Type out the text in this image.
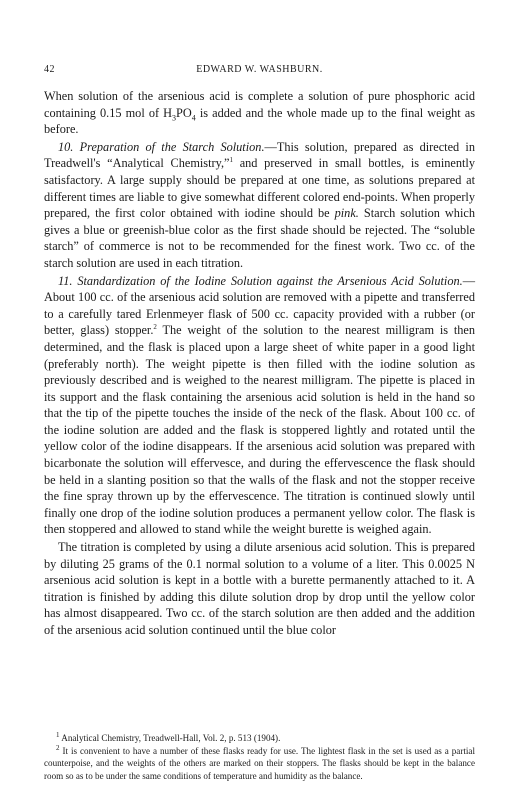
42	EDWARD W. WASHBURN.

When solution of the arsenious acid is complete a solution of pure phosphoric acid containing 0.15 mol of $H_3PO_4$ is added and the whole made up to the final weight as before.

10. Preparation of the Starch Solution.—This solution, prepared as directed in Treadwell's “Analytical Chemistry,”$^1$ and preserved in small bottles, is eminently satisfactory. A large supply should be prepared at one time, as solutions prepared at different times are liable to give somewhat different colored end-points. When properly prepared, the first color obtained with iodine should be pink. Starch solution which gives a blue or greenish-blue color as the first shade should be rejected. The “soluble starch” of commerce is not to be recommended for the finest work. Two cc. of the starch solution are used in each titration.

11. Standardization of the Iodine Solution against the Arsenious Acid Solution.—About 100 cc. of the arsenious acid solution are removed with a pipette and transferred to a carefully tared Erlenmeyer flask of 500 cc. capacity provided with a rubber (or better, glass) stopper.$^2$ The weight of the solution to the nearest milligram is then determined, and the flask is placed upon a large sheet of white paper in a good light (preferably north). The weight pipette is then filled with the iodine solution as previously described and is weighed to the nearest milligram. The pipette is placed in its support and the flask containing the arsenious acid solution is held in the hand so that the tip of the pipette touches the inside of the neck of the flask. About 100 cc. of the iodine solution are added and the flask is stoppered lightly and rotated until the yellow color of the iodine disappears. If the arsenious acid solution was prepared with bicarbonate the solution will effervesce, and during the effervescence the flask should be held in a slanting position so that the walls of the flask and not the stopper receive the fine spray thrown up by the effervescence. The titration is continued slowly until finally one drop of the iodine solution produces a permanent yellow color. The flask is then stoppered and allowed to stand while the weight burette is weighed again.

The titration is completed by using a dilute arsenious acid solution. This is prepared by diluting 25 grams of the 0.1 normal solution to a volume of a liter. This 0.0025 N arsenious acid solution is kept in a bottle with a burette permanently attached to it. A titration is finished by adding this dilute solution drop by drop until the yellow color has almost disappeared. Two cc. of the starch solution are then added and the addition of the arsenious acid solution continued until the blue color

$^1$ Analytical Chemistry, Treadwell-Hall, Vol. 2, p. 513 (1904).

$^2$ It is convenient to have a number of these flasks ready for use. The lightest flask in the set is used as a partial counterpoise, and the weights of the others are marked on their stoppers. The flasks should be kept in the balance room so as to be under the same conditions of temperature and humidity as the balance.
